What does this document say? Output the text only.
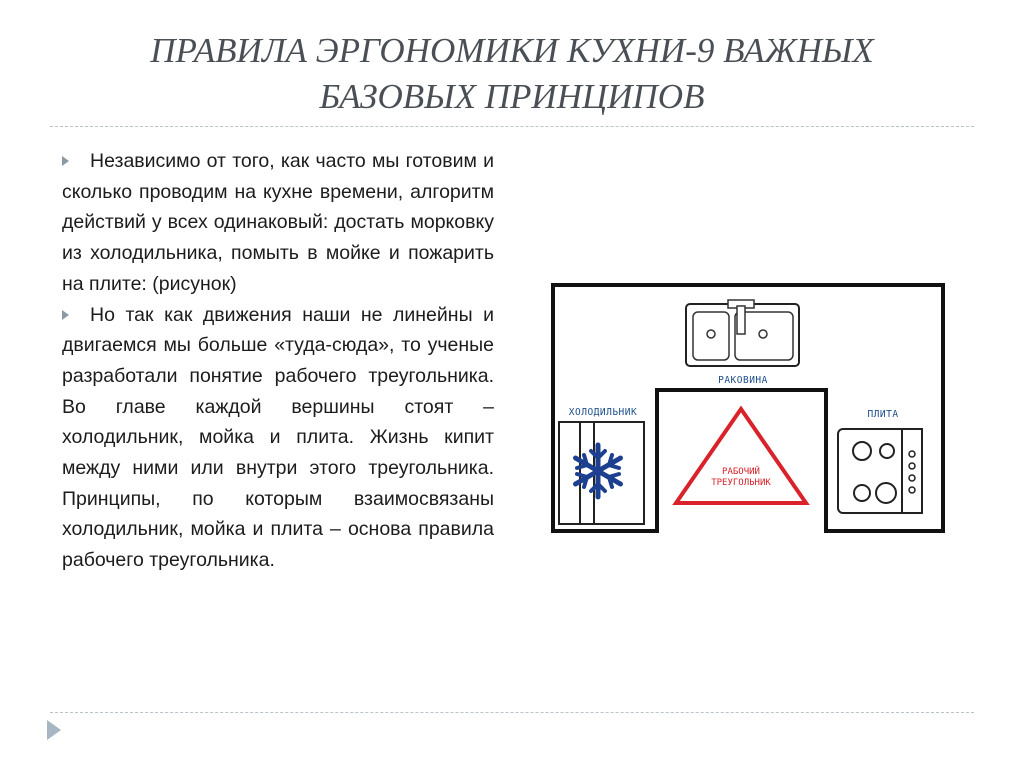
ПРАВИЛА ЭРГОНОМИКИ КУХНИ-9 ВАЖНЫХ
БАЗОВЫХ ПРИНЦИПОВ

Независимо от того, как часто мы готовим и сколько проводим на кухне времени, алгоритм действий у всех одинаковый: достать морковку из холодильника, помыть в мойке и пожарить на плите: (рисунок)

Но так как движения наши не линейны и двигаемся мы больше «туда-сюда», то ученые разработали понятие рабочего треугольника. Во главе каждой вершины стоят – холодильник, мойка и плита. Жизнь кипит между ними или внутри этого треугольника. Принципы, по которым взаимосвязаны холодильник, мойка и плита – основа правила рабочего треугольника.

РАКОВИНА
ХОЛОДИЛЬНИК	ПЛИТА
РАБОЧИЙ
ТРЕУГОЛЬНИК
